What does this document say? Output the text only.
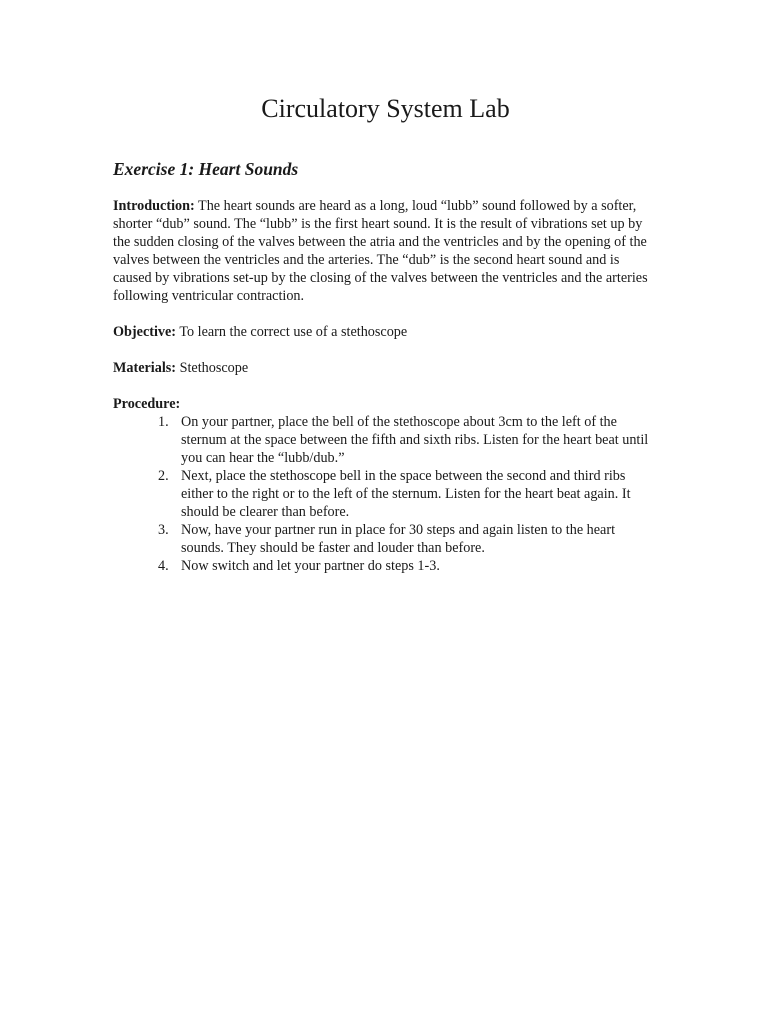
Circulatory System Lab
Exercise 1: Heart Sounds

Introduction: The heart sounds are heard as a long, loud “lubb” sound followed by a softer, shorter “dub” sound. The “lubb” is the first heart sound. It is the result of vibrations set up by the sudden closing of the valves between the atria and the ventricles and by the opening of the valves between the ventricles and the arteries. The “dub” is the second heart sound and is caused by vibrations set-up by the closing of the valves between the ventricles and the arteries following ventricular contraction.

Objective: To learn the correct use of a stethoscope

Materials: Stethoscope

Procedure:

1. On your partner, place the bell of the stethoscope about 3cm to the left of the sternum at the space between the fifth and sixth ribs. Listen for the heart beat until you can hear the “lubb/dub.”
2. Next, place the stethoscope bell in the space between the second and third ribs either to the right or to the left of the sternum. Listen for the heart beat again. It should be clearer than before.
3. Now, have your partner run in place for 30 steps and again listen to the heart sounds. They should be faster and louder than before.
4. Now switch and let your partner do steps 1-3.
